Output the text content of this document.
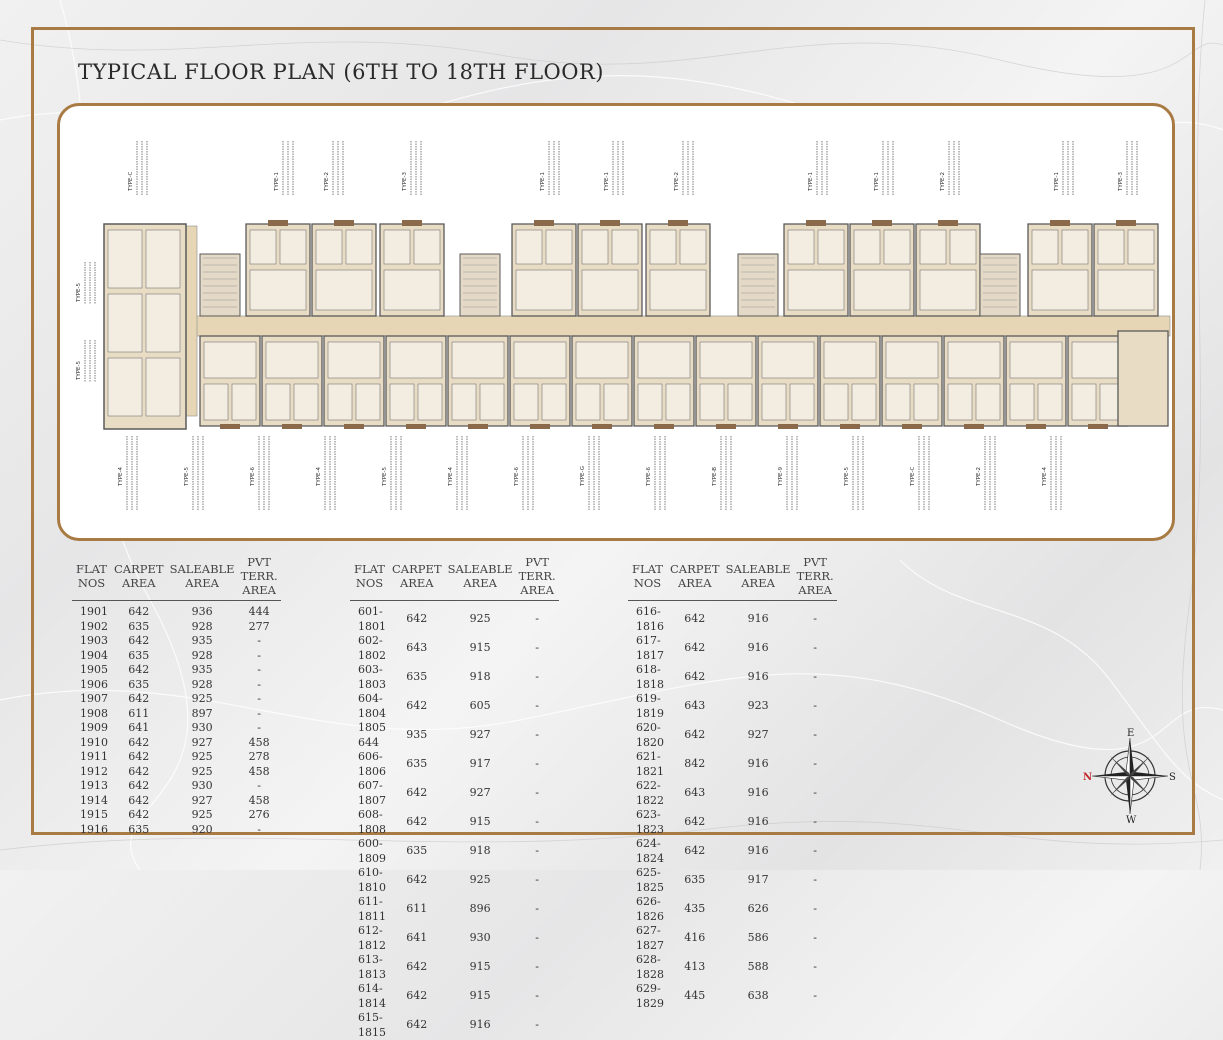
TYPICAL FLOOR PLAN (6TH TO 18TH FLOOR)
TYPE-C	TYPE-1	TYPE-2	TYPE-3	TYPE-1	TYPE-1	TYPE-2	TYPE-1	TYPE-1	TYPE-2	TYPE-1	TYPE-3
TYPE-4	TYPE-5	TYPE-6	TYPE-4	TYPE-5	TYPE-4	TYPE-6	TYPE-G	TYPE-6	TYPE-B	TYPE-9	TYPE-5	TYPE-C	TYPE-2	TYPE-4
TYPE-5
TYPE-5
FLAT NOS	CARPET AREA	SALEABLE AREA	PVT TERR. AREA
1901	642	936	444
1902	635	928	277
1903	642	935	-
1904	635	928	-
1905	642	935	-
1906	635	928	-
1907	642	925	-
1908	611	897	-
1909	641	930	-
1910	642	927	458
1911	642	925	278
1912	642	925	458
1913	642	930	-
1914	642	927	458
1915	642	925	276
1916	635	920	-
FLAT NOS	CARPET AREA	SALEABLE AREA	PVT TERR. AREA
601-1801	642	925	-
602-1802	643	915	-
603-1803	635	918	-
604-1804	642	605	-
1805 644	935	927	-
606-1806	635	917	-
607-1807	642	927	-
608-1808	642	915	-
600-1809	635	918	-
610-1810	642	925	-
611-1811	611	896	-
612-1812	641	930	-
613-1813	642	915	-
614-1814	642	915	-
615-1815	642	916	-
FLAT NOS	CARPET AREA	SALEABLE AREA	PVT TERR. AREA
616-1816	642	916	-
617-1817	642	916	-
618-1818	642	916	-
619-1819	643	923	-
620-1820	642	927	-
621-1821	842	916	-
622-1822	643	916	-
623-1823	642	916	-
624-1824	642	916	-
625-1825	635	917	-
626-1826	435	626	-
627-1827	416	586	-
628-1828	413	588	-
629-1829	445	638	-
E
N	S
W
